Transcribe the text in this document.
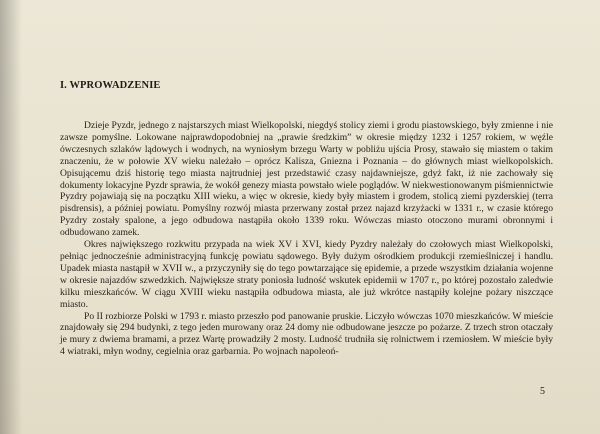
I. WPROWADZENIE

Dzieje Pyzdr, jednego z najstarszych miast Wielkopolski, niegdyś stolicy ziemi i grodu piastowskiego, były zmienne i nie zawsze pomyślne. Lokowane najprawdopodobniej na „prawie średzkim” w okresie między 1232 i 1257 rokiem, w węźle ówczesnych szlaków lądowych i wodnych, na wyniosłym brzegu Warty w pobliżu ujścia Prosy, stawało się miastem o takim znaczeniu, że w połowie XV wieku należało – oprócz Kalisza, Gniezna i Poznania – do głównych miast wielkopolskich. Opisującemu dziś historię tego miasta najtrudniej jest przedstawić czasy najdawniejsze, gdyż fakt, iż nie zachowały się dokumenty lokacyjne Pyzdr sprawia, że wokół genezy miasta powstało wiele poglądów. W niekwestionowanym piśmiennictwie Pyzdry pojawiają się na początku XIII wieku, a więc w okresie, kiedy były miastem i grodem, stolicą ziemi pyzderskiej (terra pisdrensis), a później powiatu. Pomyślny rozwój miasta przerwany został przez najazd krzyżacki w 1331 r., w czasie którego Pyzdry zostały spalone, a jego odbudowa nastąpiła około 1339 roku. Wówczas miasto otoczono murami obronnymi i odbudowano zamek.

Okres największego rozkwitu przypada na wiek XV i XVI, kiedy Pyzdry należały do czołowych miast Wielkopolski, pełniąc jednocześnie administracyjną funkcję powiatu sądowego. Były dużym ośrodkiem produkcji rzemieślniczej i handlu. Upadek miasta nastąpił w XVII w., a przyczyniły się do tego powtarzające się epidemie, a przede wszystkim działania wojenne w okresie najazdów szwedzkich. Największe straty poniosła ludność wskutek epidemii w 1707 r., po której pozostało zaledwie kilku mieszkańców. W ciągu XVIII wieku nastąpiła odbudowa miasta, ale już wkrótce nastąpiły kolejne pożary niszczące miasto.

Po II rozbiorze Polski w 1793 r. miasto przeszło pod panowanie pruskie. Liczyło wówczas 1070 mieszkańców. W mieście znajdowały się 294 budynki, z tego jeden murowany oraz 24 domy nie odbudowane jeszcze po pożarze. Z trzech stron otaczały je mury z dwiema bramami, a przez Wartę prowadziły 2 mosty. Ludność trudniła się rolnictwem i rzemiosłem. W mieście były 4 wiatraki, młyn wodny, cegielnia oraz garbarnia. Po wojnach napoleoń-

5
